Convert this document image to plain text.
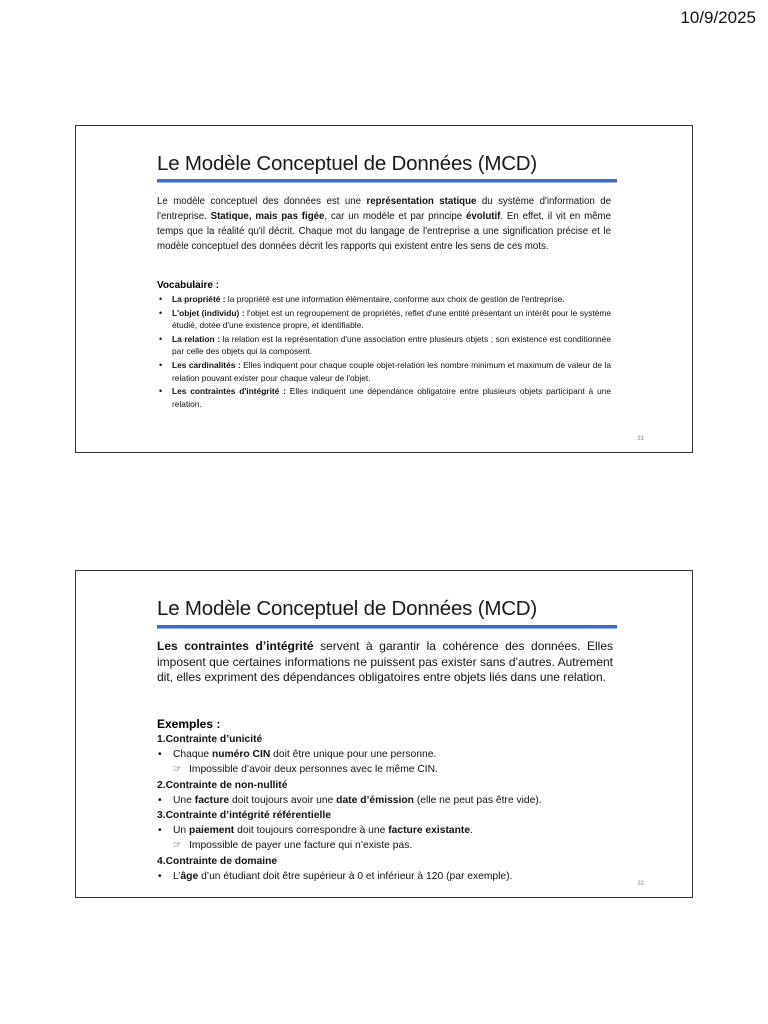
10/9/2025
Le Modèle Conceptuel de Données (MCD)
Le modèle conceptuel des données est une représentation statique du système d'information de l'entreprise. Statique, mais pas figée, car un modèle et par principe évolutif. En effet, il vit en même temps que la réalité qu'il décrit. Chaque mot du langage de l'entreprise a une signification précise et le modèle conceptuel des données décrit les rapports qui existent entre les sens de ces mots.
Vocabulaire :
• La propriété : la propriété est une information élémentaire, conforme aux choix de gestion de l'entreprise.
• L'objet (individu) : l'objet est un regroupement de propriétés, reflet d'une entité présentant un intérêt pour le système étudié, dotée d'une existence propre, et identifiable.
• La relation : la relation est la représentation d'une association entre plusieurs objets ; son existence est conditionnée par celle des objets qui la composent.
• Les cardinalités : Elles indiquent pour chaque couple objet-relation les nombre minimum et maximum de valeur de la relation pouvant exister pour chaque valeur de l'objet.
• Les contraintes d'intégrité : Elles indiquent une dépendance obligatoire entre plusieurs objets participant à une relation.
31
Le Modèle Conceptuel de Données (MCD)
Les contraintes d’intégrité servent à garantir la cohérence des données. Elles imposent que certaines informations ne puissent pas exister sans d’autres. Autrement dit, elles expriment des dépendances obligatoires entre objets liés dans une relation.
Exemples :
1.Contrainte d’unicité
• Chaque numéro CIN doit être unique pour une personne.
☞ Impossible d’avoir deux personnes avec le même CIN.
2.Contrainte de non-nullité
• Une facture doit toujours avoir une date d’émission (elle ne peut pas être vide).
3.Contrainte d’intégrité référentielle
• Un paiement doit toujours correspondre à une facture existante.
☞ Impossible de payer une facture qui n’existe pas.
4.Contrainte de domaine
• L’âge d’un étudiant doit être supérieur à 0 et inférieur à 120 (par exemple).
32
